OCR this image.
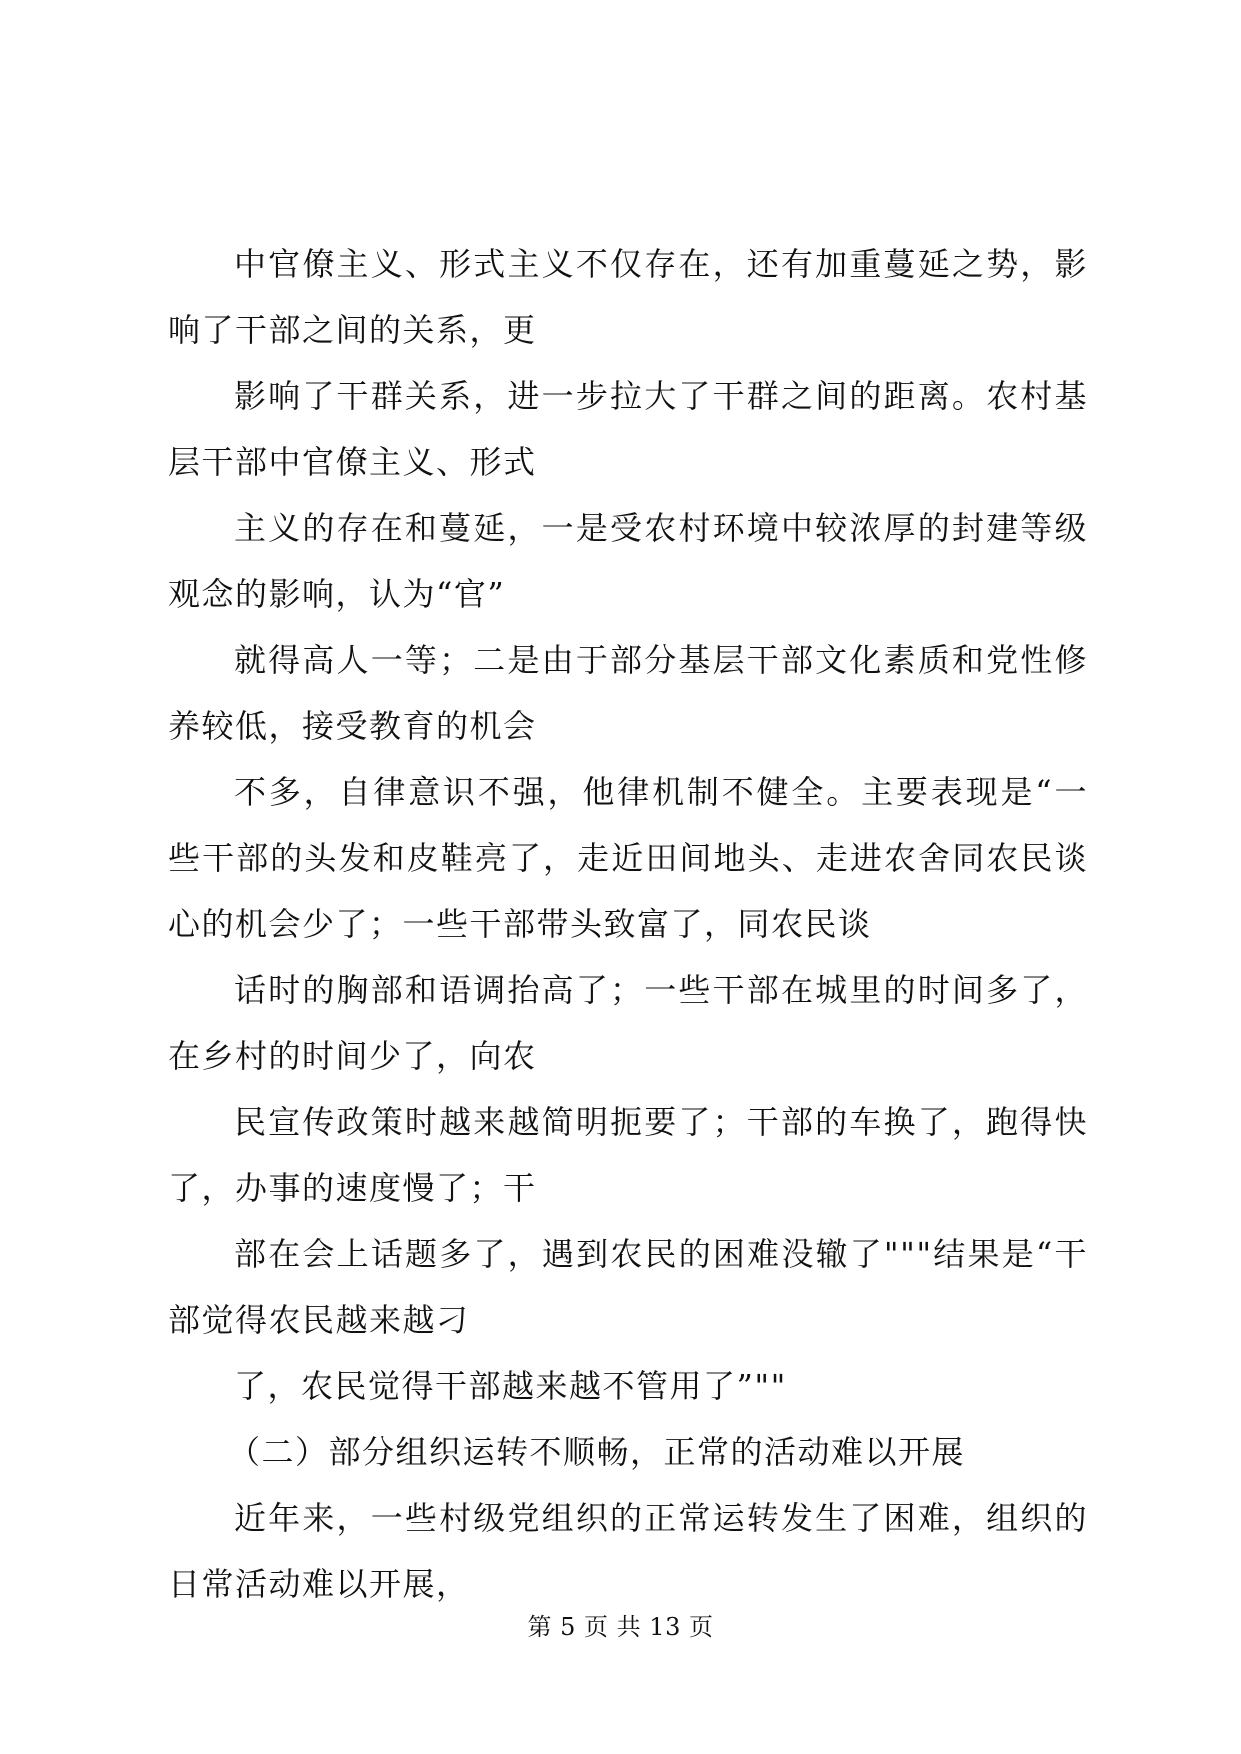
中官僚主义、形式主义不仅存在，还有加重蔓延之势，影响了干部之间的关系，更

影响了干群关系，进一步拉大了干群之间的距离。农村基层干部中官僚主义、形式

主义的存在和蔓延，一是受农村环境中较浓厚的封建等级观念的影响，认为“官”

就得高人一等；二是由于部分基层干部文化素质和党性修养较低，接受教育的机会

不多，自律意识不强，他律机制不健全。主要表现是“一些干部的头发和皮鞋亮了，走近田间地头、走进农舍同农民谈心的机会少了；一些干部带头致富了，同农民谈

话时的胸部和语调抬高了；一些干部在城里的时间多了，在乡村的时间少了，向农

民宣传政策时越来越简明扼要了；干部的车换了，跑得快了，办事的速度慢了；干

部在会上话题多了，遇到农民的困难没辙了"""结果是“干部觉得农民越来越刁

了，农民觉得干部越来越不管用了”""

（二）部分组织运转不顺畅，正常的活动难以开展

近年来，一些村级党组织的正常运转发生了困难，组织的日常活动难以开展，

第 5 页 共 13 页
